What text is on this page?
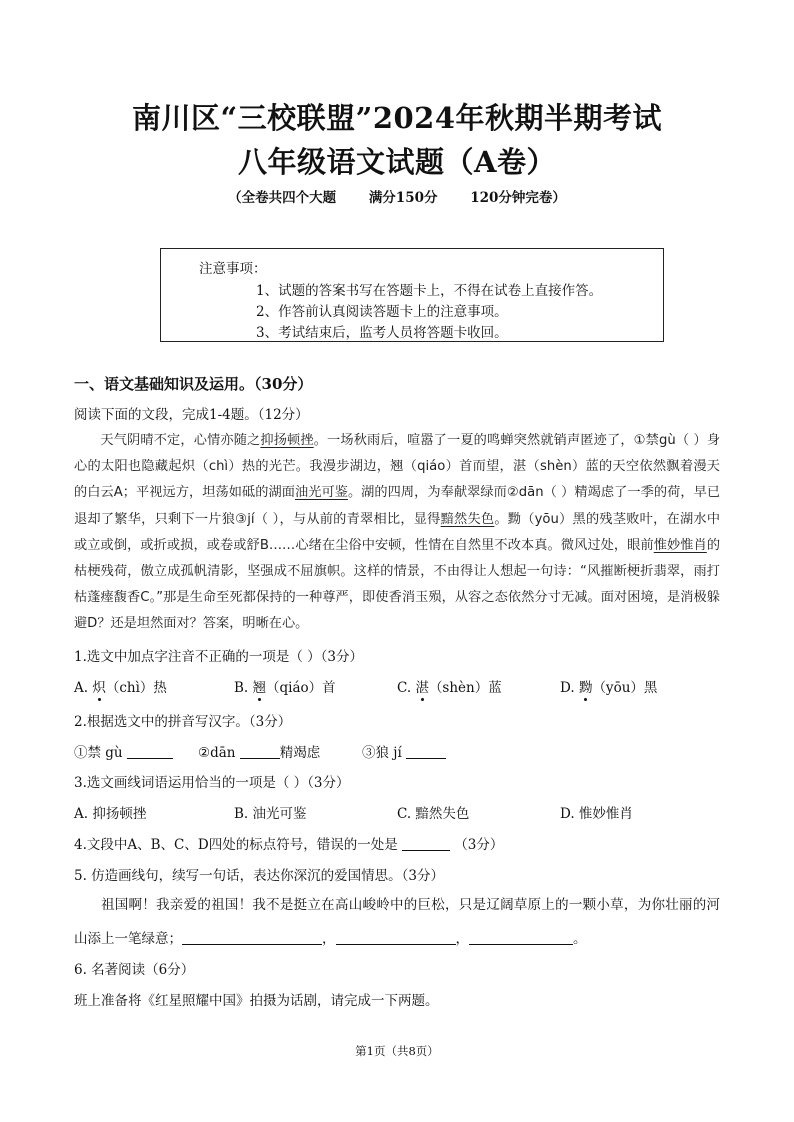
南川区“三校联盟”2024年秋期半期考试
八年级语文试题（A卷）
（全卷共四个大题 满分150分 120分钟完卷）
注意事项：
1、试题的答案书写在答题卡上，不得在试卷上直接作答。
2、作答前认真阅读答题卡上的注意事项。
3、考试结束后，监考人员将答题卡收回。
一、语文基础知识及运用。（30分）
阅读下面的文段，完成1-4题。（12分）

天气阴晴不定，心情亦随之抑扬顿挫。一场秋雨后，喧嚣了一夏的鸣蝉突然就销声匿迹了，①禁gù（ ）身心的太阳也隐藏起炽（chì）热的光芒。我漫步湖边，翘（qiáo）首而望，湛（shèn）蓝的天空依然飘着漫天的白云A；平视远方，坦荡如砥的湖面油光可鉴。湖的四周，为奉献翠绿而②dān（ ）精竭虑了一季的荷，早已退却了繁华，只剩下一片狼③jí（ ），与从前的青翠相比，显得黯然失色。黝（yōu）黑的残茎败叶，在湖水中或立或倒，或折或损，或卷或舒B……心绪在尘俗中安顿，性情在自然里不改本真。微风过处，眼前惟妙惟肖的枯梗残荷，傲立成孤帆清影，坚强成不屈旗帜。这样的情景，不由得让人想起一句诗：“风摧断梗折翡翠，雨打枯蓬瘗馥香C。”那是生命至死都保持的一种尊严，即使香消玉殒，从容之态依然分寸无减。面对困境，是消极躲避D？还是坦然面对？答案，明晰在心。

1.选文中加点字注音不正确的一项是（ ）（3分）
A. 炽（chì）热	B. 翘（qiáo）首	C. 湛（shèn）蓝	D. 黝（yōu）黑
2.根据选文中的拼音写汉字。（3分）
①禁 gù	②dān	精竭虑	③狼 jí
3.选文画线词语运用恰当的一项是（ ）（3分）
A. 抑扬顿挫	B. 油光可鉴	C. 黯然失色	D. 惟妙惟肖
4.文段中A、B、C、D四处的标点符号，错误的一处是	（3分）
5. 仿造画线句，续写一句话，表达你深沉的爱国情思。（3分）

祖国啊！我亲爱的祖国！我不是挺立在高山峻岭中的巨松，只是辽阔草原上的一颗小草，为你壮丽的河山添上一笔绿意；	，	，	。

6. 名著阅读（6分）
班上准备将《红星照耀中国》拍摄为话剧，请完成一下两题。
第1页（共8页）
